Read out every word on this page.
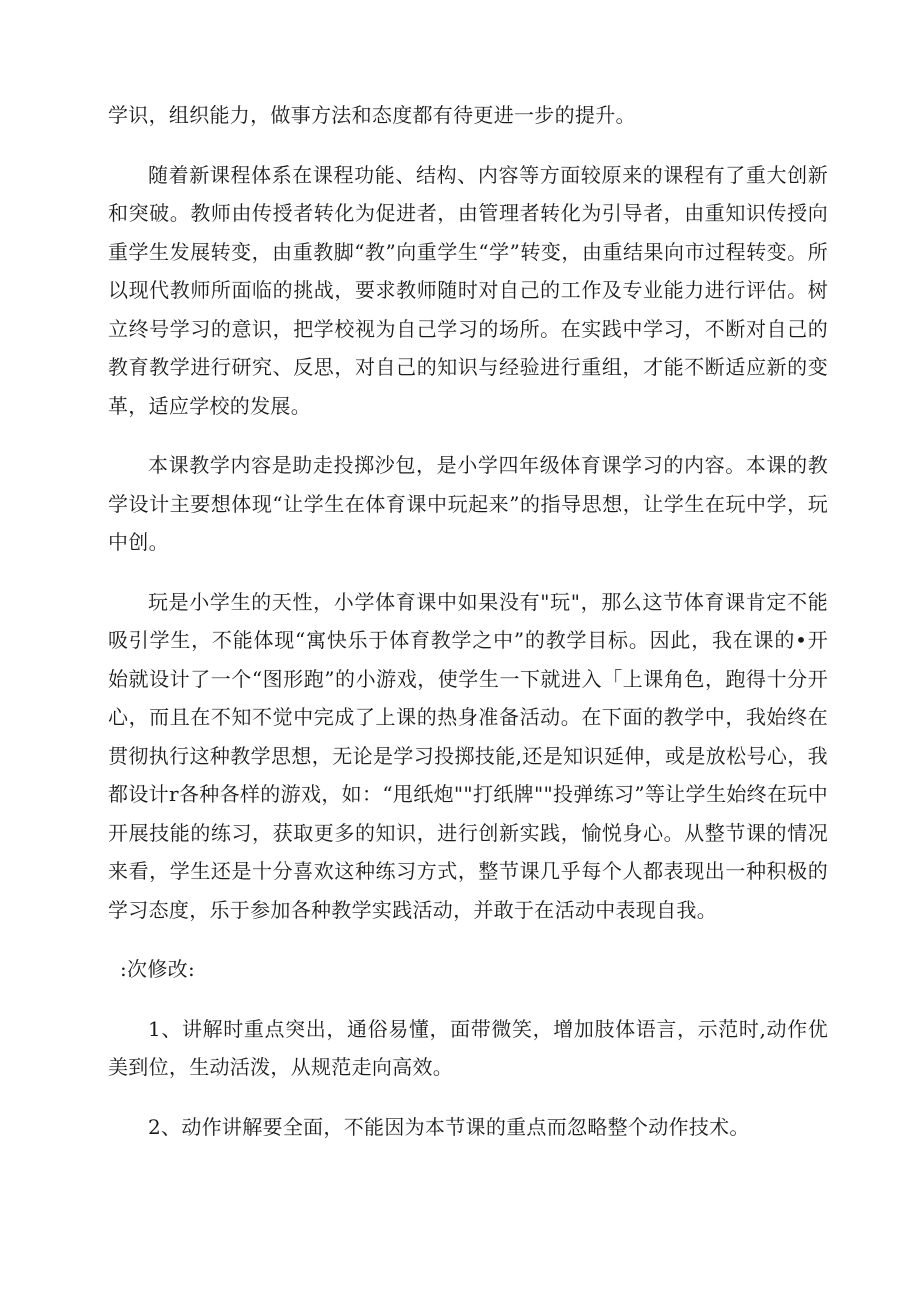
学识，组织能力，做事方法和态度都有待更进一步的提升。

随着新课程体系在课程功能、结构、内容等方面较原来的课程有了重大创新和突破。教师由传授者转化为促进者，由管理者转化为引导者，由重知识传授向重学生发展转变，由重教脚“教”向重学生“学”转变，由重结果向市过程转变。所以现代教师所面临的挑战，要求教师随时对自己的工作及专业能力进行评估。树立终号学习的意识，把学校视为自己学习的场所。在实践中学习，不断对自己的教育教学进行研究、反思，对自己的知识与经验进行重组，才能不断适应新的变革，适应学校的发展。

本课教学内容是助走投掷沙包，是小学四年级体育课学习的内容。本课的教学设计主要想体现“让学生在体育课中玩起来”的指导思想，让学生在玩中学，玩中创。

玩是小学生的天性，小学体育课中如果没有"玩"，那么这节体育课肯定不能吸引学生，不能体现“寓快乐于体育教学之中”的教学目标。因此，我在课的•开始就设计了一个“图形跑”的小游戏，使学生一下就进入「上课角色，跑得十分开心，而且在不知不觉中完成了上课的热身准备活动。在下面的教学中，我始终在贯彻执行这种教学思想，无论是学习投掷技能,还是知识延伸，或是放松号心，我都设计r各种各样的游戏，如：“甩纸炮""打纸牌""投弹练习”等让学生始终在玩中开展技能的练习，获取更多的知识，进行创新实践，愉悦身心。从整节课的情况来看，学生还是十分喜欢这种练习方式，整节课几乎每个人都表现出一种积极的学习态度，乐于参加各种教学实践活动，并敢于在活动中表现自我。

:次修改:

1、讲解时重点突出，通俗易懂，面带微笑，增加肢体语言，示范时,动作优美到位，生动活泼，从规范走向高效。

2、动作讲解要全面，不能因为本节课的重点而忽略整个动作技术。
